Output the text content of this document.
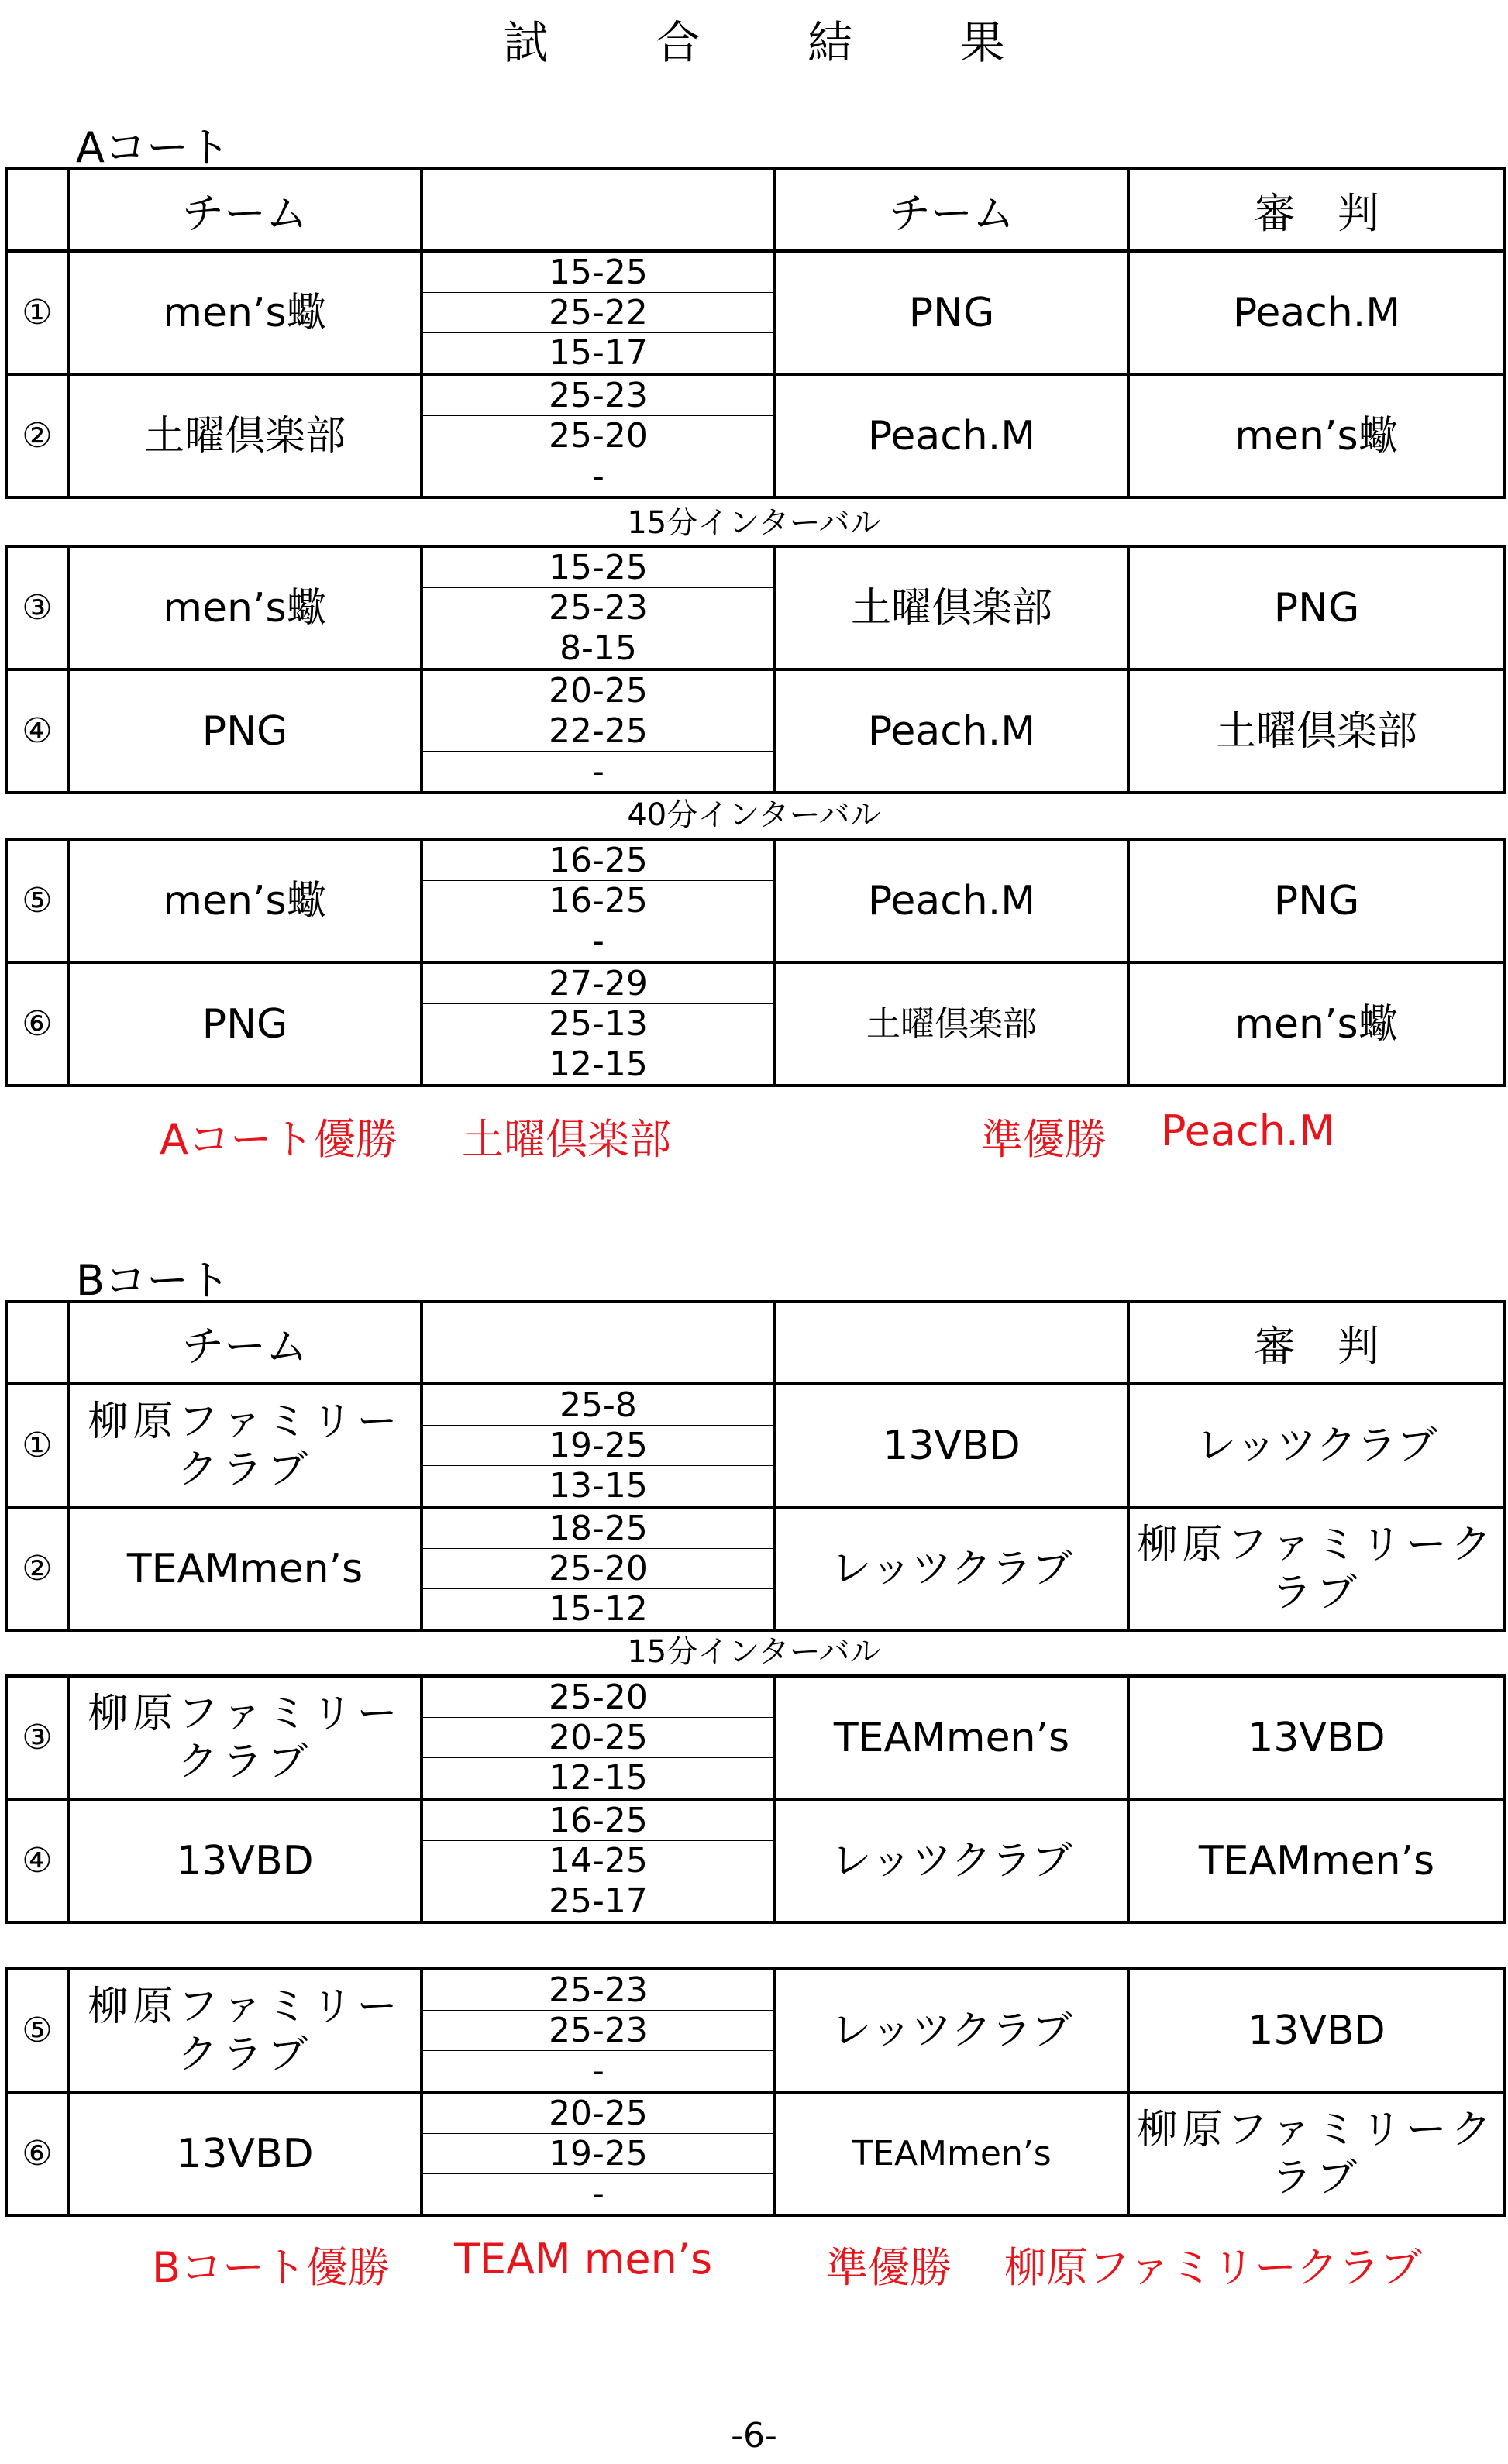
試 合 結 果
Aコート
	チーム		チーム	審　判
①	men’s蠍	15-25	PNG	Peach.M
		25-22		
		15-17		
②	土曜倶楽部	25-23	Peach.M	men’s蠍
		25-20		
		-		
15分インターバル
③	men’s蠍	15-25	土曜倶楽部	PNG
		25-23		
		8-15		
④	PNG	20-25	Peach.M	土曜倶楽部
		22-25		
		-		
40分インターバル
⑤	men’s蠍	16-25	Peach.M	PNG
		16-25		
		-		
⑥	PNG	27-29	土曜倶楽部	men’s蠍
		25-13		
		12-15		
Aコート優勝 土曜倶楽部	準優勝 Peach.M
Bコート
	チーム			審　判
①	柳原ファミリークラブ	25-8	13VBD	レッツクラブ
		19-25		
		13-15		
②	TEAMmen’s	18-25	レッツクラブ	柳原ファミリークラブ
		25-20		
		15-12		
15分インターバル
③	柳原ファミリークラブ	25-20	TEAMmen’s	13VBD
		20-25		
		12-15		
④	13VBD	16-25	レッツクラブ	TEAMmen’s
		14-25		
		25-17		
⑤	柳原ファミリークラブ	25-23	レッツクラブ	13VBD
		25-23		
		-		
⑥	13VBD	20-25	TEAMmen’s	柳原ファミリークラブ
		19-25		
		-		
Bコート優勝 TEAM men’s	準優勝 柳原ファミリークラブ
-6-
